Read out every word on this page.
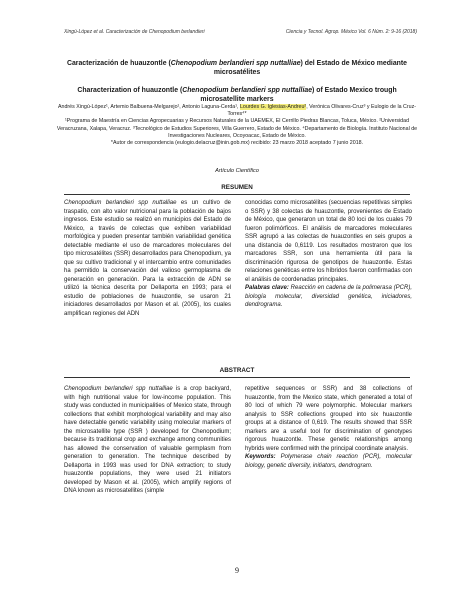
Xingú-López et al. Caracterización de Chenopodium berlandieri	Ciencia y Tecnol. Agrop. México Vol. 6 Núm. 2: 9-16 (2018)
Caracterización de huauzontle (Chenopodium berlandieri spp nuttalliae) del Estado de México mediante microsatélites
Characterization of huauzontle (Chenopodium berlandieri spp nuttalliae) of Estado Mexico trough microsatellite markers
Andrés Xingú-López¹, Artemio Balbuena-Melgarejo¹, Antonio Laguna-Cerda¹, Lourdes G. Iglesias-Andreu², Verónica Olivares-Cruz³ y Eulogio de la Cruz-Torres⁴*
¹Programa de Maestría en Ciencias Agropecuarias y Recursos Naturales de la UAEMEX, El Cerrillo Piedras Blancas, Toluca, México. ²Universidad Veracruzana, Xalapa, Veracruz. ³Tecnológico de Estudios Superiores, Villa Guerrero, Estado de México. ⁴Departamento de Biología. Instituto Nacional de Investigaciones Nucleares, Ocoyoacac, Estado de México.
*Autor de correspondencia (eulogio.delacruz@inin.gob.mx) recibido: 23 marzo 2018 aceptado 7 junio 2018.
Artículo Científico
RESUMEN

Chenopodium berlandieri spp nuttalliae es un cultivo de traspatio, con alto valor nutricional para la población de bajos ingresos. Este estudio se realizó en municipios del Estado de México, a través de colectas que exhiben variabilidad morfológica y pueden presentar también variabilidad genética detectable mediante el uso de marcadores moleculares del tipo microsatélites (SSR) desarrollados para Chenopodium, ya que su cultivo tradicional y el intercambio entre comunidades ha permitido la conservación del valioso germoplasma de generación en generación. Para la extracción de ADN se utilizó la técnica descrita por Dellaporta en 1993; para el estudio de poblaciones de huauzontle, se usaron 21 iniciadores desarrollados por Mason et al. (2005), los cuales amplifican regiones del ADN

conocidas como microsatélites (secuencias repetitivas simples o SSR) y 38 colectas de huauzontle, provenientes de Estado de México, que generaron un total de 80 loci de los cuales 79 fueron polimórficos. El análisis de marcadores moleculares SSR agrupó a las colectas de huauzontles en seis grupos a una distancia de 0,6119. Los resultados mostraron que los marcadores SSR, son una herramienta útil para la discriminación rigurosa de genotipos de huauzontle. Estas relaciones genéticas entre los híbridos fueron confirmadas con el análisis de coordenadas principales.

Palabras clave: Reacción en cadena de la polimerasa (PCR), biología molecular, diversidad genética, iniciadores, dendrograma.

ABSTRACT

Chenopodium berlandieri spp nuttalliae is a crop backyard, with high nutritional value for low-income population. This study was conducted in municipalities of Mexico state, through collections that exhibit morphological variability and may also have detectable genetic variability using molecular markers of the microsatellite type (SSR ) developed for Chenopodium; because its traditional crop and exchange among communities has allowed the conservation of valuable germplasm from generation to generation. The technique described by Dellaporta in 1993 was used for DNA extraction; to study huauzontle populations, they were used 21 initiators developed by Mason et al. (2005), which amplify regions of DNA known as microsatellites (simple

repetitive sequences or SSR) and 38 collections of huauzontle, from the Mexico state, which generated a total of 80 loci of which 79 were polymorphic. Molecular markers analysis to SSR collections grouped into six huauzontle groups at a distance of 0,619. The results showed that SSR markers are a useful tool for discrimination of genotypes rigorous huauzontle. These genetic relationships among hybrids were confirmed with the principal coordinate analysis.

Keywords: Polymerase chain reaction (PCR), molecular biology, genetic diversity, initiators, dendrogram.

9
